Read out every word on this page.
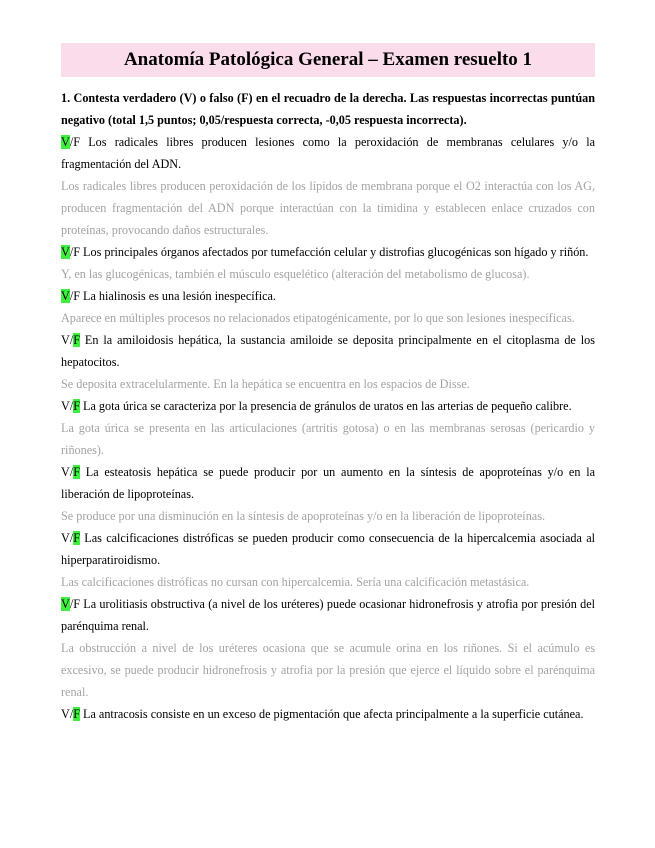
Anatomía Patológica General – Examen resuelto 1
1. Contesta verdadero (V) o falso (F) en el recuadro de la derecha. Las respuestas incorrectas puntúan negativo (total 1,5 puntos; 0,05/respuesta correcta, -0,05 respuesta incorrecta).
V/F Los radicales libres producen lesiones como la peroxidación de membranas celulares y/o la fragmentación del ADN.
Los radicales libres producen peroxidación de los lípidos de membrana porque el O2 interactúa con los AG, producen fragmentación del ADN porque interactúan con la timidina y establecen enlace cruzados con proteínas, provocando daños estructurales.
V/F Los principales órganos afectados por tumefacción celular y distrofias glucogénicas son hígado y riñón.
Y, en las glucogénicas, también el músculo esquelético (alteración del metabolismo de glucosa).
V/F La hialinosis es una lesión inespecífica.
Aparece en múltiples procesos no relacionados etipatogénicamente, por lo que son lesiones inespecíficas.
V/F En la amiloidosis hepática, la sustancia amiloide se deposita principalmente en el citoplasma de los hepatocitos.
Se deposita extracelularmente. En la hepática se encuentra en los espacios de Disse.
V/F La gota úrica se caracteriza por la presencia de gránulos de uratos en las arterias de pequeño calibre.
La gota úrica se presenta en las articulaciones (artritis gotosa) o en las membranas serosas (pericardio y riñones).
V/F La esteatosis hepática se puede producir por un aumento en la síntesis de apoproteínas y/o en la liberación de lipoproteínas.
Se produce por una disminución en la síntesis de apoproteínas y/o en la liberación de lipoproteínas.
V/F Las calcificaciones distróficas se pueden producir como consecuencia de la hipercalcemia asociada al hiperparatiroidismo.
Las calcificaciones distróficas no cursan con hipercalcemia. Sería una calcificación metastásica.
V/F La urolitiasis obstructiva (a nivel de los uréteres) puede ocasionar hidronefrosis y atrofia por presión del parénquima renal.
La obstrucción a nivel de los uréteres ocasiona que se acumule orina en los riñones. Si el acúmulo es excesivo, se puede producir hidronefrosis y atrofia por la presión que ejerce el líquido sobre el parénquima renal.
V/F La antracosis consiste en un exceso de pigmentación que afecta principalmente a la superficie cutánea.
